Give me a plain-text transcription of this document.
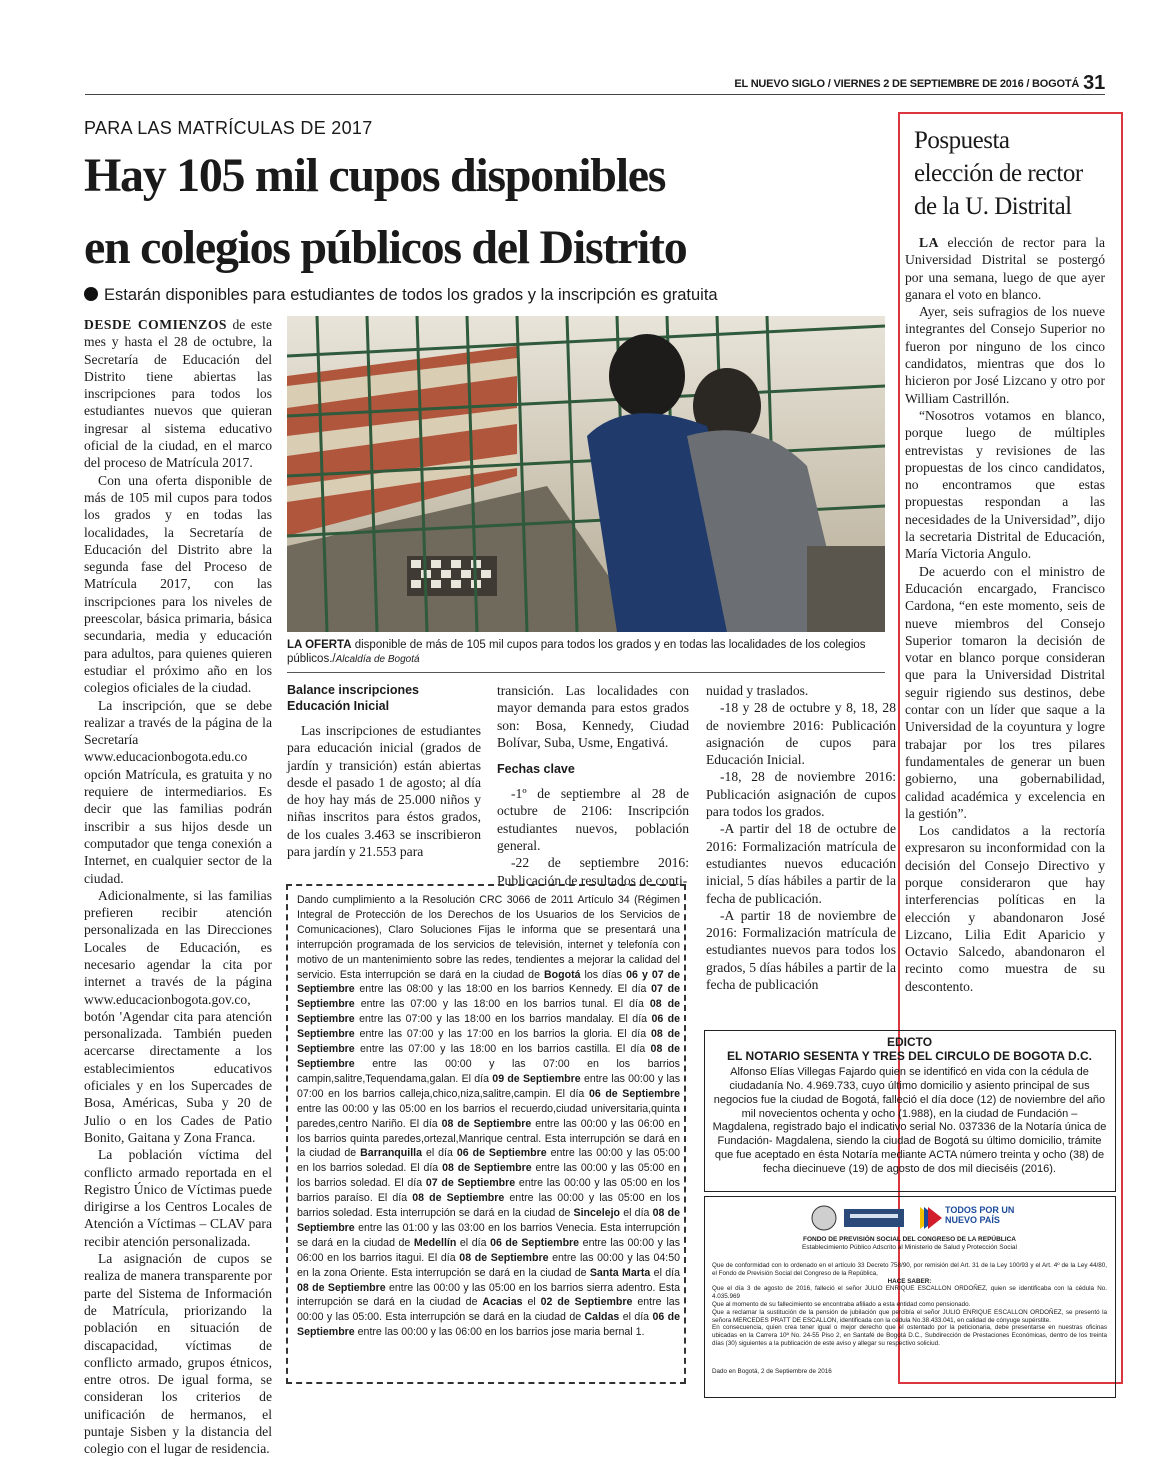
EL NUEVO SIGLO / VIERNES 2 DE SEPTIEMBRE DE 2016 / BOGOTÁ 31
PARA LAS MATRÍCULAS DE 2017
Hay 105 mil cupos disponibles
en colegios públicos del Distrito
Estarán disponibles para estudiantes de todos los grados y la inscripción es gratuita

DESDE COMIENZOS de este mes y hasta el 28 de octubre, la Secretaría de Educación del Distrito tiene abiertas las inscripciones para todos los estudiantes nuevos que quieran ingresar al sistema educativo oficial de la ciudad, en el marco del proceso de Matrícula 2017.

Con una oferta disponible de más de 105 mil cupos para todos los grados y en todas las localidades, la Secretaría de Educación del Distrito abre la segunda fase del Proceso de Matrícula 2017, con las inscripciones para los niveles de preescolar, básica primaria, básica secundaria, media y educación para adultos, para quienes quieren estudiar el próximo año en los colegios oficiales de la ciudad.

La inscripción, que se debe realizar a través de la página de la Secretaría www.educacionbogota.edu.co opción Matrícula, es gratuita y no requiere de intermediarios. Es decir que las familias podrán inscribir a sus hijos desde un computador que tenga conexión a Internet, en cualquier sector de la ciudad.

Adicionalmente, si las familias prefieren recibir atención personalizada en las Direcciones Locales de Educación, es necesario agendar la cita por internet a través de la página www.educacionbogota.gov.co, botón 'Agendar cita para atención personalizada. También pueden acercarse directamente a los establecimientos educativos oficiales y en los Supercades de Bosa, Américas, Suba y 20 de Julio o en los Cades de Patio Bonito, Gaitana y Zona Franca.

La población víctima del conflicto armado reportada en el Registro Único de Víctimas puede dirigirse a los Centros Locales de Atención a Víctimas – CLAV para recibir atención personalizada.

La asignación de cupos se realiza de manera transparente por parte del Sistema de Información de Matrícula, priorizando la población en situación de discapacidad, víctimas de conflicto armado, grupos étnicos, entre otros. De igual forma, se consideran los criterios de unificación de hermanos, el puntaje Sisben y la distancia del colegio con el lugar de residencia.

LA OFERTA disponible de más de 105 mil cupos para todos los grados y en todas las localidades de los colegios públicos./Alcaldía de Bogotá
Balance inscripciones Educación Inicial

Las inscripciones de estudiantes para educación inicial (grados de jardín y transición) están abiertas desde el pasado 1 de agosto; al día de hoy hay más de 25.000 niños y niñas inscritos para éstos grados, de los cuales 3.463 se inscribieron para jardín y 21.553 para

transición. Las localidades con mayor demanda para estos grados son: Bosa, Kennedy, Ciudad Bolívar, Suba, Usme, Engativá.

Fechas clave

-1º de septiembre al 28 de octubre de 2106: Inscripción estudiantes nuevos, población general.

-22 de septiembre 2016: Publicación de resultados de conti-

nuidad y traslados.

-18 y 28 de octubre y 8, 18, 28 de noviembre 2016: Publicación asignación de cupos para Educación Inicial.

-18, 28 de noviembre 2016: Publicación asignación de cupos para todos los grados.

-A partir del 18 de octubre de 2016: Formalización matrícula de estudiantes nuevos educación inicial, 5 días hábiles a partir de la fecha de publicación.

-A partir 18 de noviembre de 2016: Formalización matrícula de estudiantes nuevos para todos los grados, 5 días hábiles a partir de la fecha de publicación

Pospuesta
elección de rector
de la U. Distrital

LA elección de rector para la Universidad Distrital se postergó por una semana, luego de que ayer ganara el voto en blanco.

Ayer, seis sufragios de los nueve integrantes del Consejo Superior no fueron por ninguno de los cinco candidatos, mientras que dos lo hicieron por José Lizcano y otro por William Castrillón.

“Nosotros votamos en blanco, porque luego de múltiples entrevistas y revisiones de las propuestas de los cinco candidatos, no encontramos que estas propuestas respondan a las necesidades de la Universidad”, dijo la secretaria Distrital de Educación, María Victoria Angulo.

De acuerdo con el ministro de Educación encargado, Francisco Cardona, “en este momento, seis de nueve miembros del Consejo Superior tomaron la decisión de votar en blanco porque consideran que para la Universidad Distrital seguir rigiendo sus destinos, debe contar con un líder que saque a la Universidad de la coyuntura y logre trabajar por los tres pilares fundamentales de generar un buen gobierno, una gobernabilidad, calidad académica y excelencia en la gestión”.

Los candidatos a la rectoría expresaron su inconformidad con la decisión del Consejo Directivo y porque consideraron que hay interferencias políticas en la elección y abandonaron José Lizcano, Lilia Edit Aparicio y Octavio Salcedo, abandonaron el recinto como muestra de su descontento.

Dando cumplimiento a la Resolución CRC 3066 de 2011 Artículo 34 (Régimen Integral de Protección de los Derechos de los Usuarios de los Servicios de Comunicaciones), Claro Soluciones Fijas le informa que se presentará una interrupción programada de los servicios de televisión, internet y telefonía con motivo de un mantenimiento sobre las redes, tendientes a mejorar la calidad del servicio. Esta interrupción se dará en la ciudad de Bogotá los días 06 y 07 de Septiembre entre las 08:00 y las 18:00 en los barrios Kennedy. El día 07 de Septiembre entre las 07:00 y las 18:00 en los barrios tunal. El día 08 de Septiembre entre las 07:00 y las 18:00 en los barrios mandalay. El día 06 de Septiembre entre las 07:00 y las 17:00 en los barrios la gloria. El día 08 de Septiembre entre las 07:00 y las 18:00 en los barrios castilla. El día 08 de Septiembre entre las 00:00 y las 07:00 en los barrios campin,salitre,Tequendama,galan. El día 09 de Septiembre entre las 00:00 y las 07:00 en los barrios calleja,chico,niza,salitre,campin. El día 06 de Septiembre entre las 00:00 y las 05:00 en los barrios el recuerdo,ciudad universitaria,quinta paredes,centro Nariño. El día 08 de Septiembre entre las 00:00 y las 06:00 en los barrios quinta paredes,ortezal,Manrique central. Esta interrupción se dará en la ciudad de Barranquilla el día 06 de Septiembre entre las 00:00 y las 05:00 en los barrios soledad. El día 08 de Septiembre entre las 00:00 y las 05:00 en los barrios soledad. El día 07 de Septiembre entre las 00:00 y las 05:00 en los barrios paraíso. El día 08 de Septiembre entre las 00:00 y las 05:00 en los barrios soledad. Esta interrupción se dará en la ciudad de Sincelejo el día 08 de Septiembre entre las 01:00 y las 03:00 en los barrios Venecia. Esta interrupción se dará en la ciudad de Medellín el día 06 de Septiembre entre las 00:00 y las 06:00 en los barrios itagui. El día 08 de Septiembre entre las 00:00 y las 04:50 en la zona Oriente. Esta interrupción se dará en la ciudad de Santa Marta el día 08 de Septiembre entre las 00:00 y las 05:00 en los barrios sierra adentro. Esta interrupción se dará en la ciudad de Acacias el 02 de Septiembre entre las 00:00 y las 05:00. Esta interrupción se dará en la ciudad de Caldas el día 06 de Septiembre entre las 00:00 y las 06:00 en los barrios jose maria bernal 1.
EDICTO
EL NOTARIO SESENTA Y TRES DEL CIRCULO DE BOGOTA D.C.
Alfonso Elías Villegas Fajardo quien se identificó en vida con la cédula de ciudadanía No. 4.969.733, cuyo último domicilio y asiento principal de sus negocios fue la ciudad de Bogotá, falleció el día doce (12) de noviembre del año mil novecientos ochenta y ocho (1.988), en la ciudad de Fundación – Magdalena, registrado bajo el indicativo serial No. 037336 de la Notaría única de Fundación- Magdalena, siendo la ciudad de Bogotá su último domicilio, trámite que fue aceptado en ésta Notaría mediante ACTA número treinta y ocho (38) de fecha diecinueve (19) de agosto de dos mil dieciséis (2016).
TODOS POR UN NUEVO PAÍS
FONDO DE PREVISIÓN SOCIAL DEL CONGRESO DE LA REPÚBLICA
Establecimiento Público Adscrito al Ministerio de Salud y Protección Social
Que de conformidad con lo ordenado en el artículo 33 Decreto 758/90, por remisión del Art. 31 de la Ley 100/93 y el Art. 4º de la Ley 44/80, el Fondo de Previsión Social del Congreso de la República,
HACE SABER:
Que el día 3 de agosto de 2016, falleció el señor JULIO ENRIQUE ESCALLON ORDOÑEZ, quien se identificaba con la cédula No. 4.035.969
Que al momento de su fallecimiento se encontraba afiliado a esta entidad como pensionado.
Que a reclamar la sustitución de la pensión de jubilación que percibía el señor JULIO ENRIQUE ESCALLON ORDOÑEZ, se presentó la señora MERCEDES PRATT DE ESCALLON, identificada con la cédula No.38.433.041, en calidad de cónyuge supérstite.
En consecuencia, quien crea tener igual o mejor derecho que el ostentado por la peticionaria, debe presentarse en nuestras oficinas ubicadas en la Carrera 10ª No. 24-55 Piso 2, en Santafé de Bogotá D.C., Subdirección de Prestaciones Económicas, dentro de los treinta días (30) siguientes a la publicación de este aviso y allegar su respectivo soliciud.
Dado en Bogotá, 2 de Septiembre de 2016
